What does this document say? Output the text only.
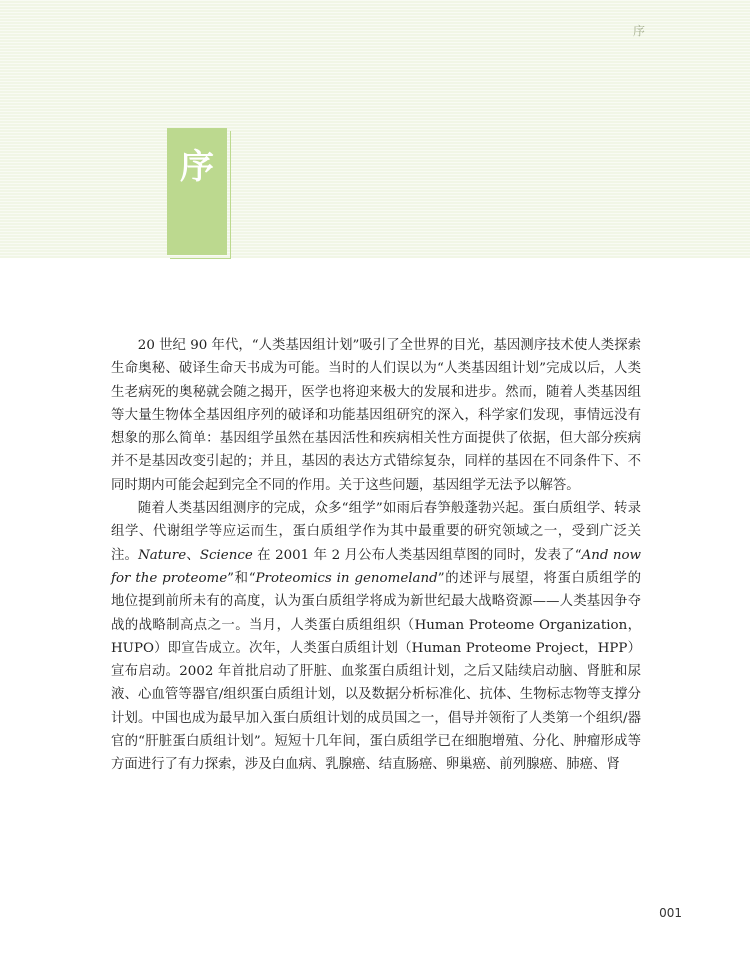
序
序

20 世纪 90 年代，“人类基因组计划”吸引了全世界的目光，基因测序技术使人类探索生命奥秘、破译生命天书成为可能。当时的人们误以为“人类基因组计划”完成以后，人类生老病死的奥秘就会随之揭开，医学也将迎来极大的发展和进步。然而，随着人类基因组等大量生物体全基因组序列的破译和功能基因组研究的深入，科学家们发现，事情远没有想象的那么简单：基因组学虽然在基因活性和疾病相关性方面提供了依据，但大部分疾病并不是基因改变引起的；并且，基因的表达方式错综复杂，同样的基因在不同条件下、不同时期内可能会起到完全不同的作用。关于这些问题，基因组学无法予以解答。

随着人类基因组测序的完成，众多“组学”如雨后春笋般蓬勃兴起。蛋白质组学、转录组学、代谢组学等应运而生，蛋白质组学作为其中最重要的研究领域之一，受到广泛关注。Nature、Science 在 2001 年 2 月公布人类基因组草图的同时，发表了“And now for the proteome”和“Proteomics in genomeland”的述评与展望，将蛋白质组学的地位提到前所未有的高度，认为蛋白质组学将成为新世纪最大战略资源——人类基因争夺战的战略制高点之一。当月，人类蛋白质组组织（Human Proteome Organization，HUPO）即宣告成立。次年，人类蛋白质组计划（Human Proteome Project，HPP）宣布启动。2002 年首批启动了肝脏、血浆蛋白质组计划，之后又陆续启动脑、肾脏和尿液、心血管等器官/组织蛋白质组计划，以及数据分析标准化、抗体、生物标志物等支撑分计划。中国也成为最早加入蛋白质组计划的成员国之一，倡导并领衔了人类第一个组织/器官的“肝脏蛋白质组计划”。短短十几年间，蛋白质组学已在细胞增殖、分化、肿瘤形成等方面进行了有力探索，涉及白血病、乳腺癌、结直肠癌、卵巢癌、前列腺癌、肺癌、肾

001
